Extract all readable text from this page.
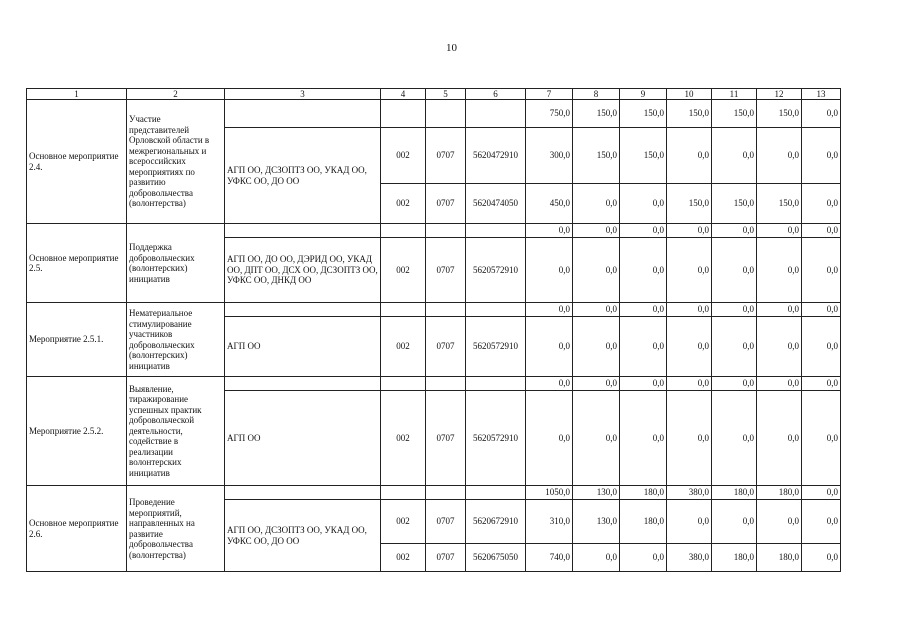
10
1	2	3	4	5	6	7	8	9	10	11	12	13
Основное мероприятие 2.4.	Участие представителей Орловской области в межрегиональных и всероссийских мероприятиях по развитию добровольчества (волонтерства)					750,0	150,0	150,0	150,0	150,0	150,0	0,0
		АГП ОО, ДСЗОПТЗ ОО, УКАД ОО, УФКС ОО, ДО ОО	002	0707	5620472910	300,0	150,0	150,0	0,0	0,0	0,0	0,0
			002	0707	5620474050	450,0	0,0	0,0	150,0	150,0	150,0	0,0
Основное мероприятие 2.5.	Поддержка добровольческих (волонтерских) инициатив					0,0	0,0	0,0	0,0	0,0	0,0	0,0
		АГП ОО, ДО ОО, ДЭРИД ОО, УКАД ОО, ДПТ ОО, ДСХ ОО, ДСЗОПТЗ ОО, УФКС ОО, ДНКД ОО	002	0707	5620572910	0,0	0,0	0,0	0,0	0,0	0,0	0,0
Мероприятие 2.5.1.	Нематериальное стимулирование участников добровольческих (волонтерских) инициатив					0,0	0,0	0,0	0,0	0,0	0,0	0,0
		АГП ОО	002	0707	5620572910	0,0	0,0	0,0	0,0	0,0	0,0	0,0
Мероприятие 2.5.2.	Выявление, тиражирование успешных практик добровольческой деятельности, содействие в реализации волонтерских инициатив					0,0	0,0	0,0	0,0	0,0	0,0	0,0
		АГП ОО	002	0707	5620572910	0,0	0,0	0,0	0,0	0,0	0,0	0,0
Основное мероприятие 2.6.	Проведение мероприятий, направленных на развитие добровольчества (волонтерства)					1050,0	130,0	180,0	380,0	180,0	180,0	0,0
		АГП ОО, ДСЗОПТЗ ОО, УКАД ОО, УФКС ОО, ДО ОО	002	0707	5620672910	310,0	130,0	180,0	0,0	0,0	0,0	0,0
			002	0707	5620675050	740,0	0,0	0,0	380,0	180,0	180,0	0,0
